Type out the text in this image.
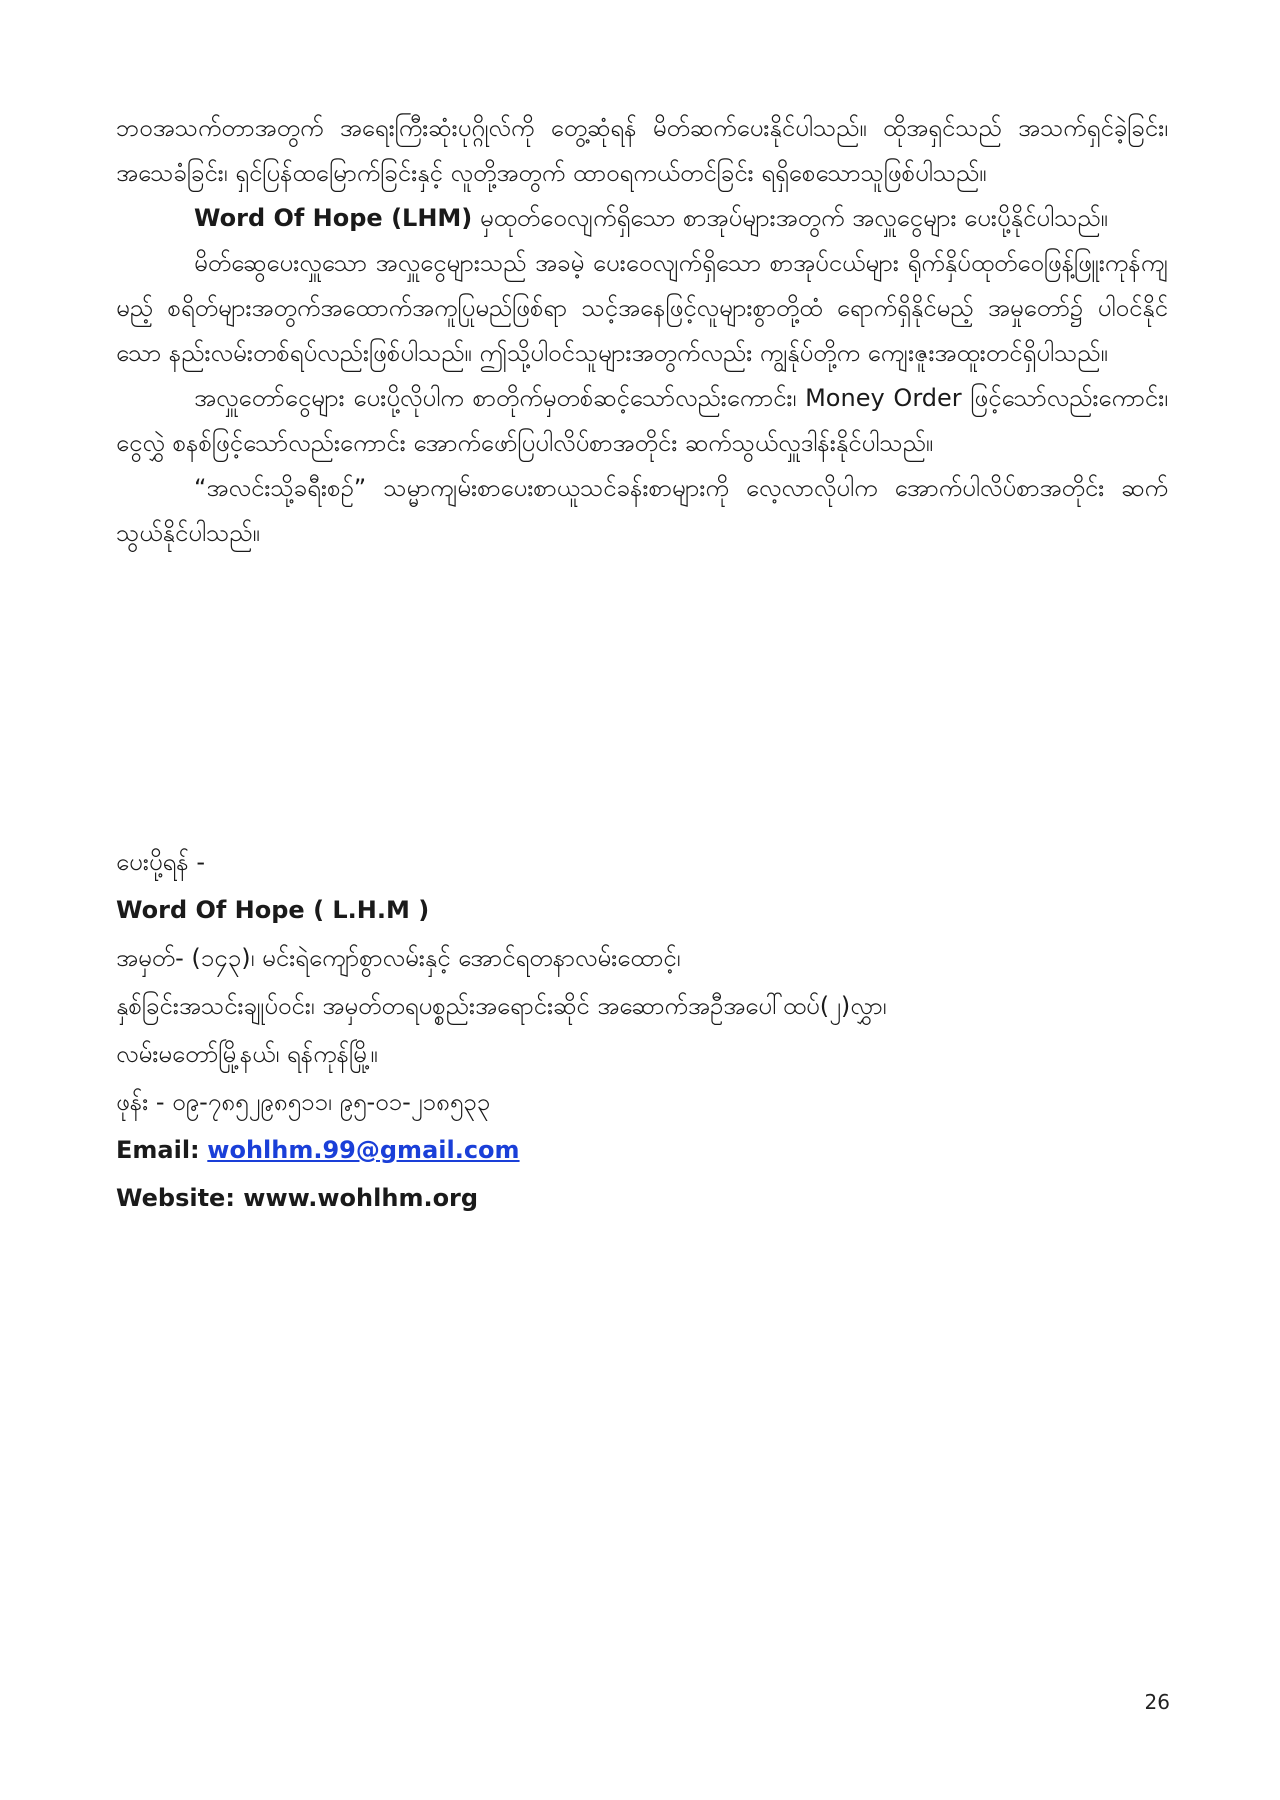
ဘဝအသက်တာအတွက် အရေးကြီးဆုံးပုဂ္ဂိုလ်ကို တွေ့ဆုံရန် မိတ်ဆက်ပေးနိုင်ပါသည်။ ထိုအရှင်သည် အသက်ရှင်ခဲ့ခြင်း၊ အသေခံခြင်း၊ ရှင်ပြန်ထမြောက်ခြင်းနှင့် လူတို့အတွက် ထာဝရကယ်တင်ခြင်း ရရှိစေသောသူဖြစ်ပါသည်။

Word Of Hope (LHM) မှထုတ်ဝေလျက်ရှိသော စာအုပ်များအတွက် အလှူငွေများ ပေးပို့နိုင်ပါသည်။

မိတ်ဆွေပေးလှူသော အလှူငွေများသည် အခမဲ့ ပေးဝေလျက်ရှိသော စာအုပ်ငယ်များ ရိုက်နှိပ်ထုတ်ဝေဖြန့်ဖြူးကုန်ကျမည့် စရိတ်များအတွက်အထောက်အကူပြုမည်ဖြစ်ရာ သင့်အနေဖြင့်လူများစွာတို့ထံ ရောက်ရှိနိုင်မည့် အမှုတော်၌ ပါဝင်နိုင်သော နည်းလမ်းတစ်ရပ်လည်းဖြစ်ပါသည်။ ဤသို့ပါဝင်သူများအတွက်လည်း ကျွန်ုပ်တို့က ကျေးဇူးအထူးတင်ရှိပါသည်။

အလှူတော်ငွေများ ပေးပို့လိုပါက စာတိုက်မှတစ်ဆင့်သော်လည်းကောင်း၊ Money Order ဖြင့်သော်လည်းကောင်း၊ ငွေလွှဲ စနစ်ဖြင့်သော်လည်းကောင်း အောက်ဖော်ပြပါလိပ်စာအတိုင်း ဆက်သွယ်လှူဒါန်းနိုင်ပါသည်။

“အလင်းသို့ခရီးစဉ်” သမ္မာကျမ်းစာပေးစာယူသင်ခန်းစာများကို လေ့လာလိုပါက အောက်ပါလိပ်စာအတိုင်း ဆက်သွယ်နိုင်ပါသည်။

ပေးပို့ရန် -
Word Of Hope ( L.H.M )
အမှတ်- (၁၄၃)၊ မင်းရဲကျော်စွာလမ်းနှင့် အောင်ရတနာလမ်းထောင့်၊
နှစ်ခြင်းအသင်းချုပ်ဝင်း၊ အမှတ်တရပစ္စည်းအရောင်းဆိုင် အဆောက်အဦအပေါ်ထပ်(၂)လွှာ၊
လမ်းမတော်မြို့နယ်၊ ရန်ကုန်မြို့။
ဖုန်း - ၀၉-၇၈၅၂၉၈၅၁၁၊ ၉၅-၀၁-၂၁၈၅၃၃
Email: wohlhm.99@gmail.com
Website: www.wohlhm.org
26
